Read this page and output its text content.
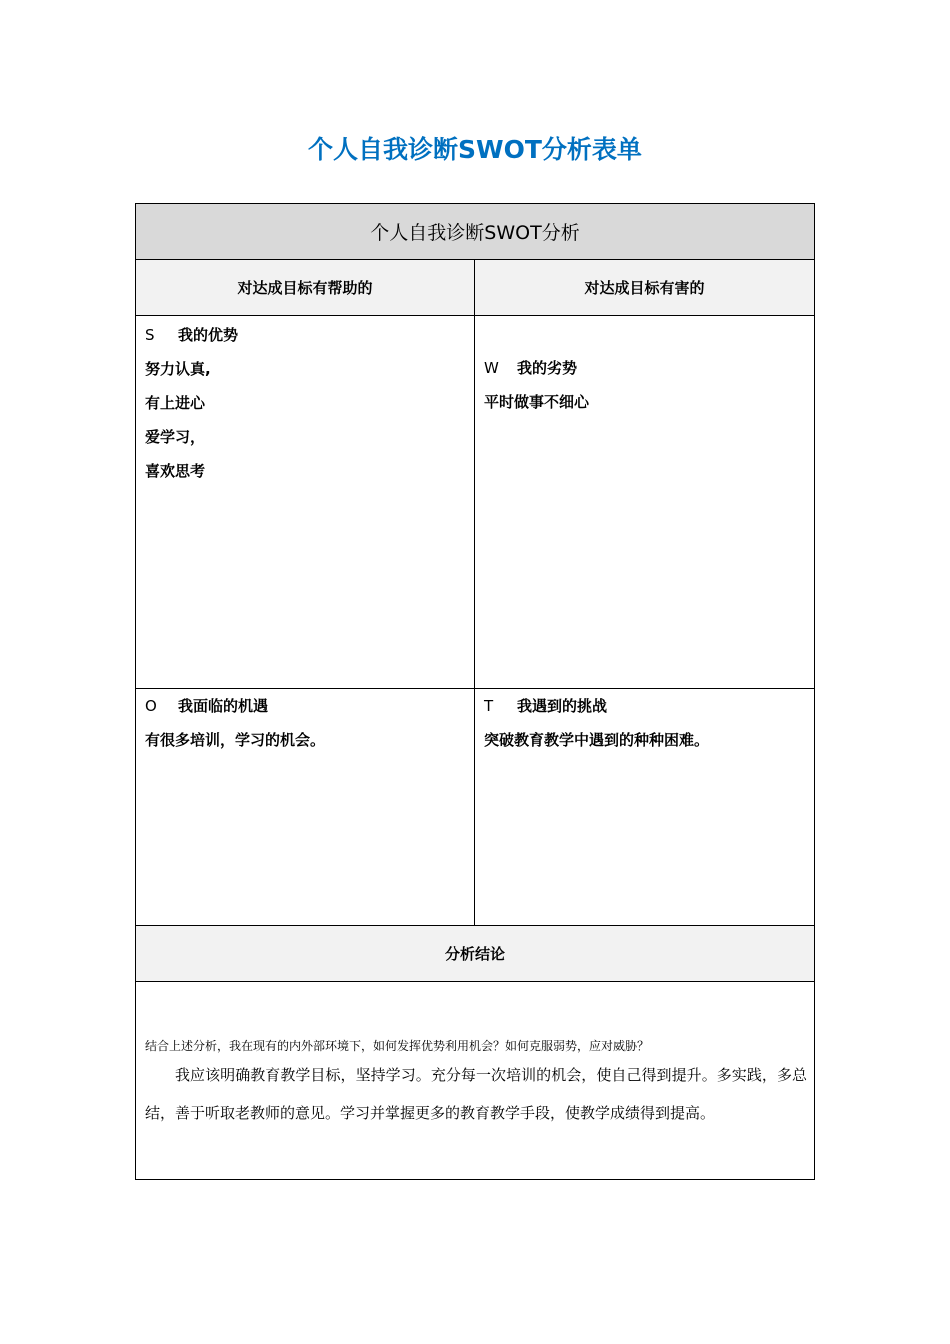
个人自我诊断SWOT分析表单
个人自我诊断SWOT分析
对达成目标有帮助的	对达成目标有害的
S 我的优势
努力认真,
有上进心
爱学习，
喜欢思考
W 我的劣势
平时做事不细心
O 我面临的机遇
有很多培训，学习的机会。
T 我遇到的挑战
突破教育教学中遇到的种种困难。
分析结论
结合上述分析，我在现有的内外部环境下，如何发挥优势利用机会？如何克服弱势，应对威胁？
我应该明确教育教学目标，坚持学习。充分每一次培训的机会，使自己得到提升。多实践，多总结，善于听取老教师的意见。学习并掌握更多的教育教学手段，使教学成绩得到提高。
